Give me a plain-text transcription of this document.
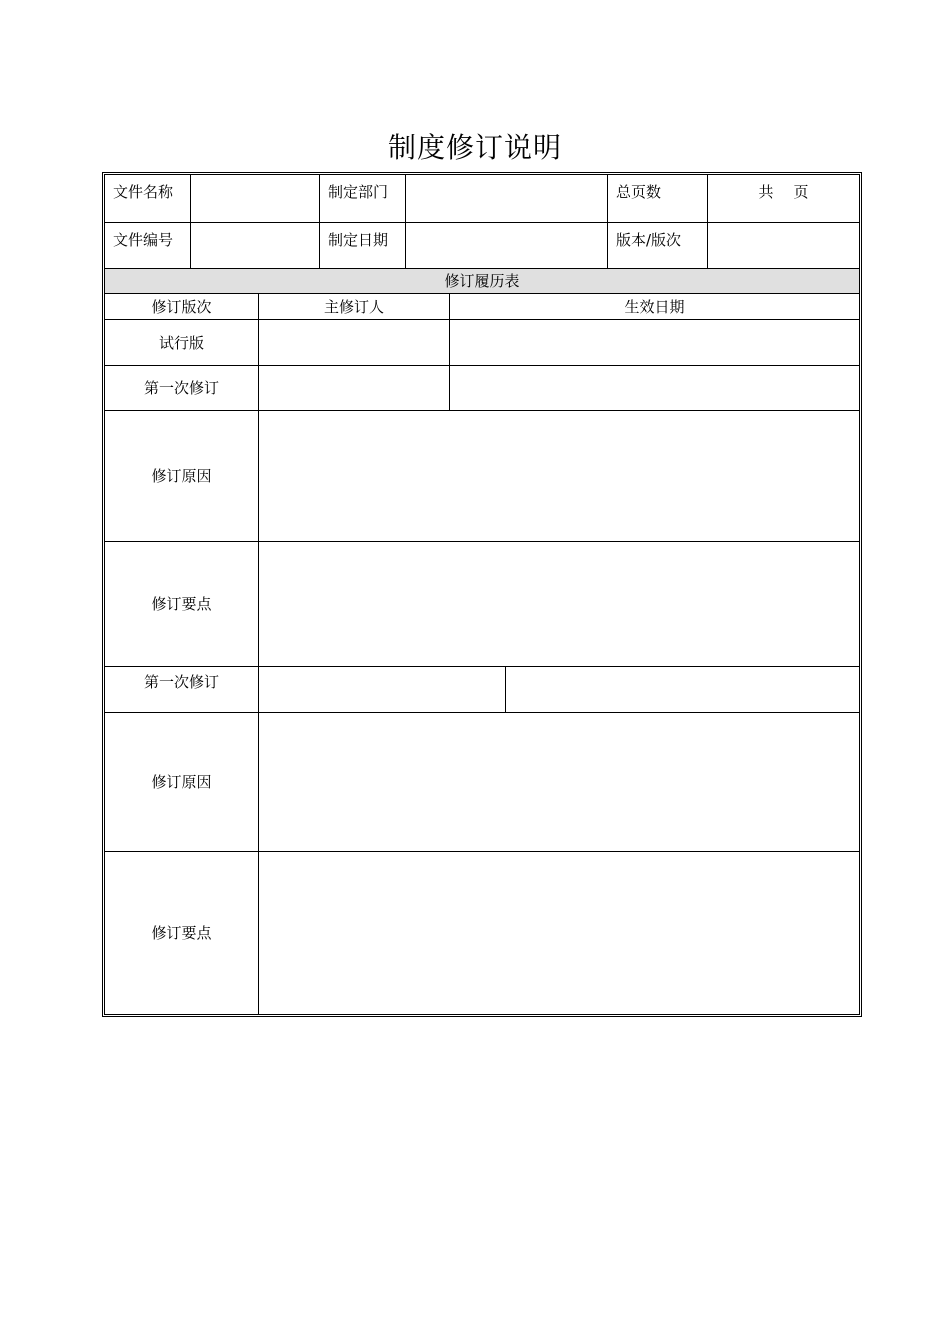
制度修订说明
文件名称	制定部门	总页数	共 页
文件编号	制定日期	版本/版次
修订履历表
修订版次	主修订人	生效日期
试行版
第一次修订
修订原因
修订要点
第一次修订
修订原因
修订要点
